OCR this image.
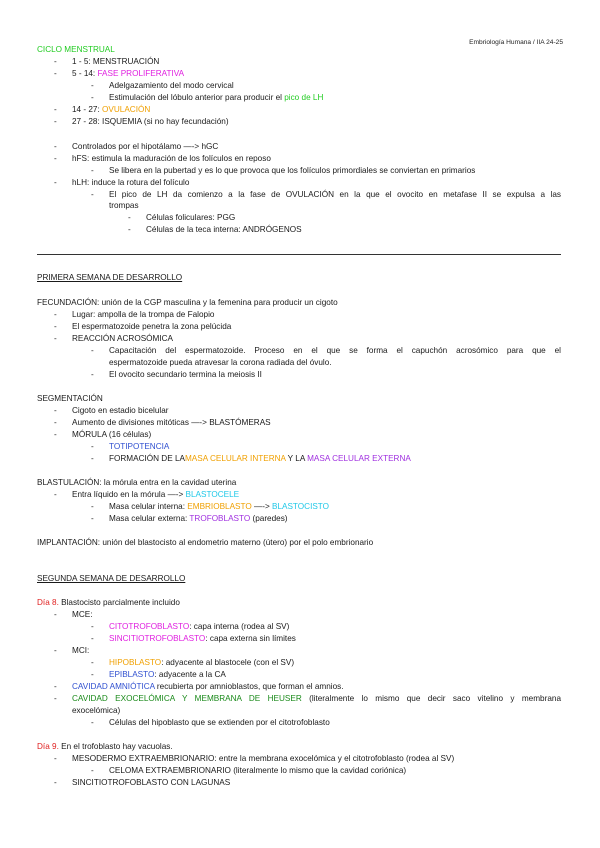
Embriología Humana / IIA 24-25
CICLO MENSTRUAL
-	1 - 5: MENSTRUACIÓN
-	5 - 14: FASE PROLIFERATIVA
-	Adelgazamiento del modo cervical
-	Estimulación del lóbulo anterior para producir el pico de LH
-	14 - 27: OVULACIÓN
-	27 - 28: ISQUEMIA (si no hay fecundación)
-	Controlados por el hipotálamo —-> hGC
-	hFS: estimula la maduración de los folículos en reposo
-	Se libera en la pubertad y es lo que provoca que los folículos primordiales se conviertan en primarios
-	hLH: induce la rotura del folículo
-	El pico de LH da comienzo a la fase de OVULACIÓN en la que el ovocito en metafase II se expulsa a las
trompas
-	Células foliculares: PGG
-	Células de la teca interna: ANDRÓGENOS
PRIMERA SEMANA DE DESARROLLO
FECUNDACIÓN: unión de la CGP masculina y la femenina para producir un cigoto
-	Lugar: ampolla de la trompa de Falopio
-	El espermatozoide penetra la zona pelúcida
-	REACCIÓN ACROSÓMICA
-	Capacitación del espermatozoide. Proceso en el que se forma el capuchón acrosómico para que el
espermatozoide pueda atravesar la corona radiada del óvulo.
-	El ovocito secundario termina la meiosis II
SEGMENTACIÓN
-	Cigoto en estadio bicelular
-	Aumento de divisiones mitóticas —-> BLASTÓMERAS
-	MÓRULA (16 células)
-	TOTIPOTENCIA
-	FORMACIÓN DE LAMASA CELULAR INTERNA Y LA MASA CELULAR EXTERNA
BLASTULACIÓN: la mórula entra en la cavidad uterina
-	Entra líquido en la mórula —-> BLASTOCELE
-	Masa celular interna: EMBRIOBLASTO —-> BLASTOCISTO
-	Masa celular externa: TROFOBLASTO (paredes)
IMPLANTACIÓN: unión del blastocisto al endometrio materno (útero) por el polo embrionario
SEGUNDA SEMANA DE DESARROLLO
Día 8. Blastocisto parcialmente incluido
-	MCE:
-	CITOTROFOBLASTO: capa interna (rodea al SV)
-	SINCITIOTROFOBLASTO: capa externa sin límites
-	MCI:
-	HIPOBLASTO: adyacente al blastocele (con el SV)
-	EPIBLASTO: adyacente a la CA
-	CAVIDAD AMNIÓTICA recubierta por amnioblastos, que forman el amnios.
-	CAVIDAD EXOCELÓMICA Y MEMBRANA DE HEUSER (literalmente lo mismo que decir saco vitelino y membrana
exocelómica)
-	Células del hipoblasto que se extienden por el citotrofoblasto
Día 9. En el trofoblasto hay vacuolas.
-	MESODERMO EXTRAEMBRIONARIO: entre la membrana exocelómica y el citotrofoblasto (rodea al SV)
-	CELOMA EXTRAEMBRIONARIO (literalmente lo mismo que la cavidad coriónica)
-	SINCITIOTROFOBLASTO CON LAGUNAS
